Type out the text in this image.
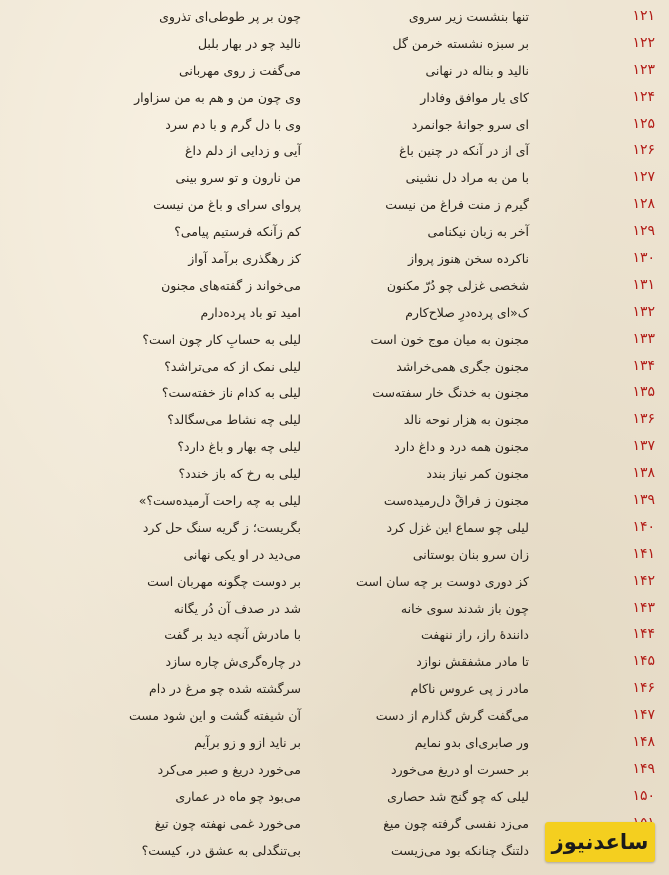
۱۲۱
تنها بنشست زیر سروی
چون بر پر طوطی‌ای تذروی
۱۲۲
بر سبزه نشسته خرمن گل
نالید چو در بهار بلبل
۱۲۳
نالید و بناله در نهانی
می‌گفت ز روی مهربانی
۱۲۴
کای یار موافق وفادار
وی چون من و هم به من سزاوار
۱۲۵
ای سرو جوانهٔ جوانمرد
وی با دل گرم و با دم سرد
۱۲۶
آی از در آنکه در چنین باغ
آیی و زدایی از دلم داغ
۱۲۷
با من به مراد دل نشینی
من نارون و تو سرو بینی
۱۲۸
گیرم ز منت فراغ من نیست
پروای سرای و باغ من نیست
۱۲۹
آخر به زبان نیکنامی
کم زآنکه فرستیم پیامی؟
۱۳۰
ناکرده سخن هنوز پرواز
کز رهگذری برآمد آواز
۱۳۱
شخصی غزلی چو دُرّ مکنون
می‌خواند ز گفته‌های مجنون
۱۳۲
ک«ای پرده‌درِ صلاح‌کارم
امید تو باد پرده‌دارم
۱۳۳
مجنون به میان موج خون است
لیلی به حسابِ کار چون است؟
۱۳۴
مجنون جگری همی‌خراشد
لیلی نمک از که می‌تراشد؟
۱۳۵
مجنون به خدنگ خار سفته‌ست
لیلی به کدام ناز خفته‌ست؟
۱۳۶
مجنون به هزار نوحه نالد
لیلی چه نشاط می‌سگالد؟
۱۳۷
مجنون همه درد و داغ دارد
لیلی چه بهار و باغ دارد؟
۱۳۸
مجنون کمر نیاز بندد
لیلی به رخ که باز خندد؟
۱۳۹
مجنون ز فراقْ دل‌رمیده‌ست
لیلی به چه راحت آرمیده‌ست؟»
۱۴۰
لیلی چو سماع این غزل کرد
بگریست؛ ز گریه سنگ حل کرد
۱۴۱
زان سرو بنان بوستانی
می‌دید در او یکی نهانی
۱۴۲
کز دوری دوست بر چه سان است
بر دوست چگونه مهربان است
۱۴۳
چون باز شدند سوی خانه
شد در صدف آن دُر یگانه
۱۴۴
دانندهٔ راز، راز ننهفت
با مادرش آنچه دید بر گفت
۱۴۵
تا مادر مشفقش نوازد
در چاره‌گری‌ش چاره سازد
۱۴۶
مادر ز پی عروس ناکام
سرگشته شده چو مرغ در دام
۱۴۷
می‌گفت گرش گذارم از دست
آن شیفته گشت و این شود مست
۱۴۸
ور صابری‌ای بدو نمایم
بر ناید ازو و زو برآیم
۱۴۹
بر حسرت او دریغ می‌خورد
می‌خورد دریغ و صبر می‌کرد
۱۵۰
لیلی که چو گنج شد حصاری
می‌بود چو ماه در عماری
می‌زد نفسی گرفته چون میغ
می‌خورد غمی نهفته چون تیغ
دلتنگ چنانکه بود می‌زیست
بی‌تنگدلی به عشق در، کیست؟	ساعدنیوز
